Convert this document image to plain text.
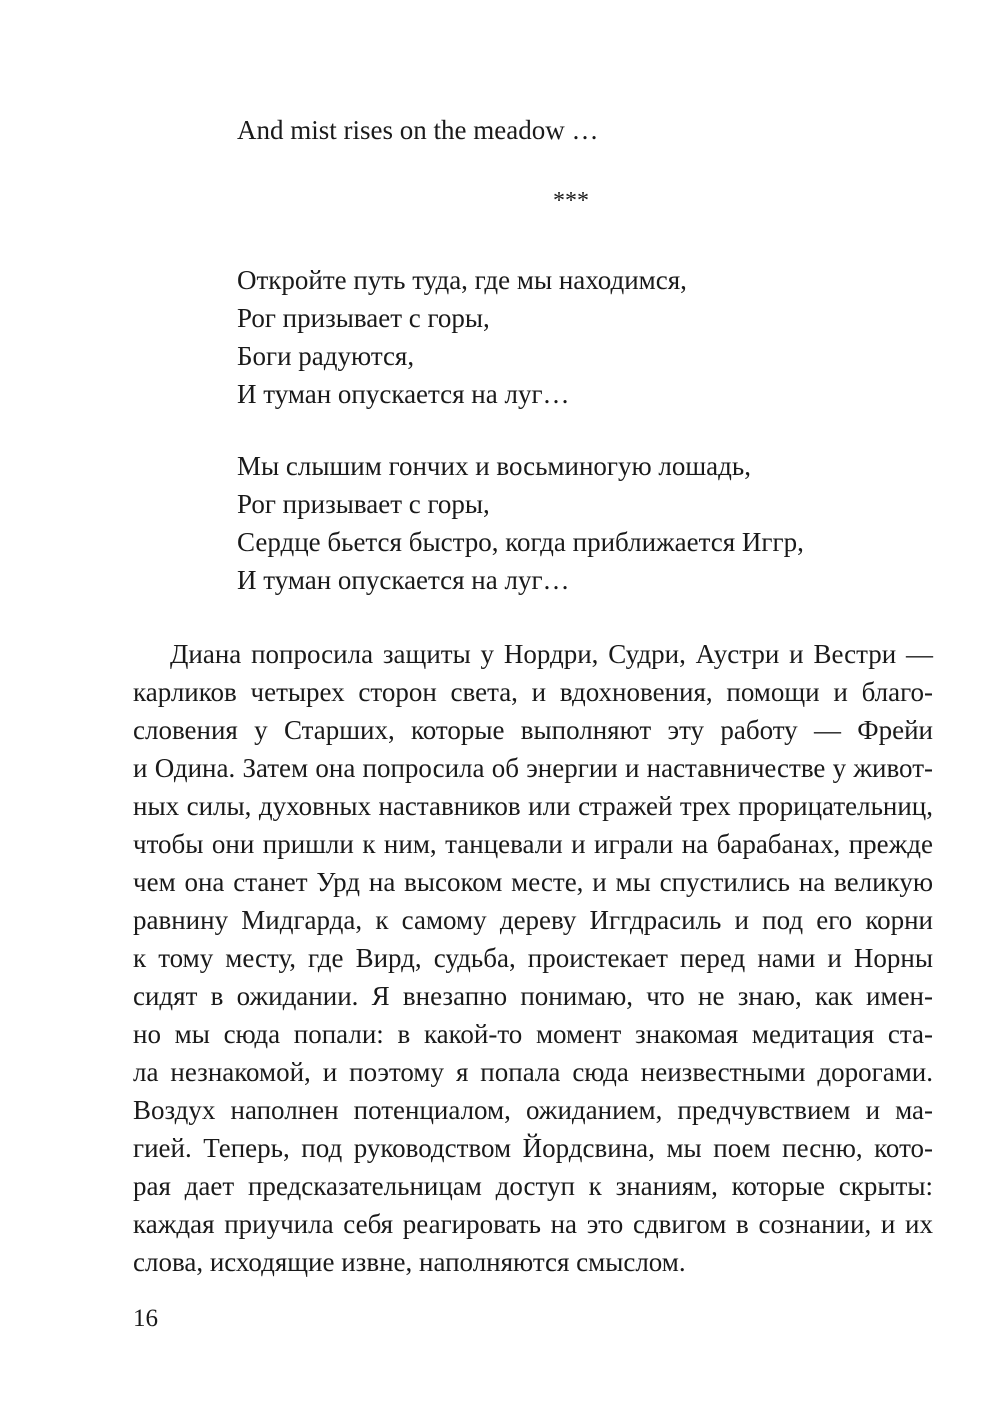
And mist rises on the meadow …
***
Откройте путь туда, где мы находимся,
Рог призывает с горы,
Боги радуются,
И туман опускается на луг…
Мы слышим гончих и восьминогую лошадь,
Рог призывает с горы,
Сердце бьется быстро, когда приближается Иггр,
И туман опускается на луг…
Диана попросила защиты у Нордри, Судри, Аустри и Вестри —
карликов четырех сторон света, и вдохновения, помощи и благо-
словения у Старших, которые выполняют эту работу — Фрейи
и Одина. Затем она попросила об энергии и наставничестве у живот-
ных силы, духовных наставников или стражей трех прорицательниц,
чтобы они пришли к ним, танцевали и играли на барабанах, прежде
чем она станет Урд на высоком месте, и мы спустились на великую
равнину Мидгарда, к самому дереву Иггдрасиль и под его корни
к тому месту, где Вирд, судьба, проистекает перед нами и Норны
сидят в ожидании. Я внезапно понимаю, что не знаю, как имен-
но мы сюда попали: в какой-то момент знакомая медитация ста-
ла незнакомой, и поэтому я попала сюда неизвестными дорогами.
Воздух наполнен потенциалом, ожиданием, предчувствием и ма-
гией. Теперь, под руководством Йордсвина, мы поем песню, кото-
рая дает предсказательницам доступ к знаниям, которые скрыты:
каждая приучила себя реагировать на это сдвигом в сознании, и их
слова, исходящие извне, наполняются смыслом.
16
